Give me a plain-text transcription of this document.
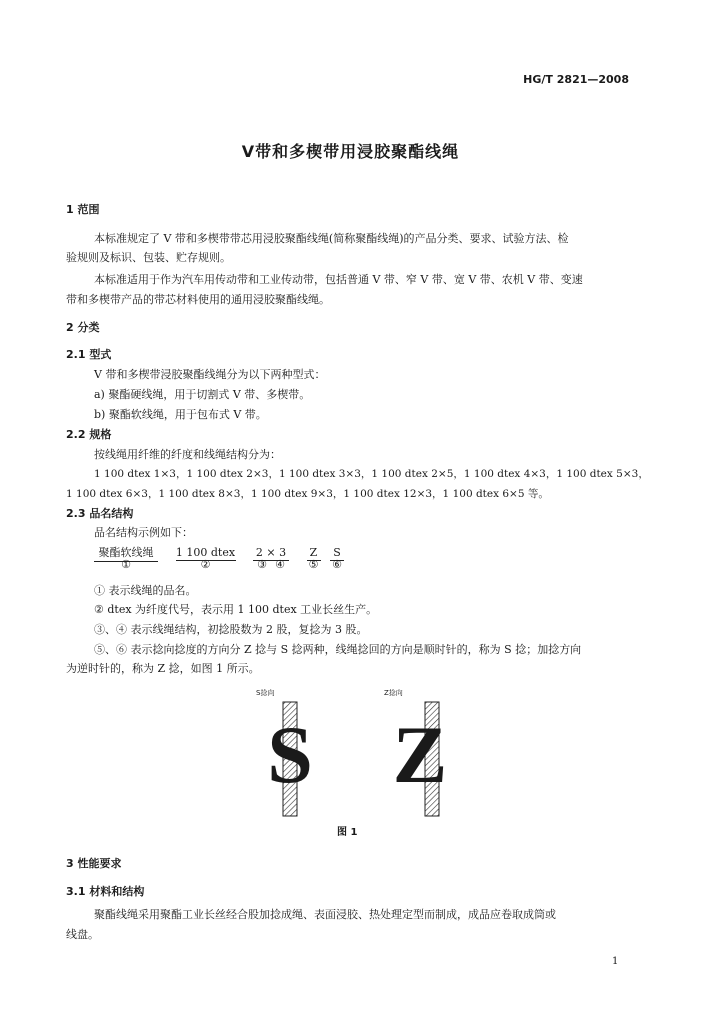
HG/T 2821—2008
V带和多楔带用浸胶聚酯线绳
1 范围
本标准规定了 V 带和多楔带带芯用浸胶聚酯线绳(简称聚酯线绳)的产品分类、要求、试验方法、检
验规则及标识、包装、贮存规则。
本标准适用于作为汽车用传动带和工业传动带，包括普通 V 带、窄 V 带、宽 V 带、农机 V 带、变速
带和多楔带产品的带芯材料使用的通用浸胶聚酯线绳。
2 分类
2.1 型式
V 带和多楔带浸胶聚酯线绳分为以下两种型式：
a) 聚酯硬线绳，用于切割式 V 带、多楔带。
b) 聚酯软线绳，用于包布式 V 带。
2.2 规格
按线绳用纤维的纤度和线绳结构分为：
1 100 dtex 1×3，1 100 dtex 2×3，1 100 dtex 3×3，1 100 dtex 2×5，1 100 dtex 4×3，1 100 dtex 5×3，
1 100 dtex 6×3，1 100 dtex 8×3，1 100 dtex 9×3，1 100 dtex 12×3，1 100 dtex 6×5 等。
2.3 品名结构
品名结构示例如下：
聚酯软线绳 1 100 dtex 2 × 3 Z S
①	②	③ ④ ⑤ ⑥
① 表示线绳的品名。
② dtex 为纤度代号，表示用 1 100 dtex 工业长丝生产。
③、④ 表示线绳结构，初捻股数为 2 股，复捻为 3 股。
⑤、⑥ 表示捻向捻度的方向分 Z 捻与 S 捻两种，线绳捻回的方向是顺时针的，称为 S 捻；加捻方向
为逆时针的，称为 Z 捻，如图 1 所示。
S捻向	Z捻向
S Z
图 1
3 性能要求
3.1 材料和结构
聚酯线绳采用聚酯工业长丝经合股加捻成绳、表面浸胶、热处理定型而制成，成品应卷取成筒或
线盘。
1
